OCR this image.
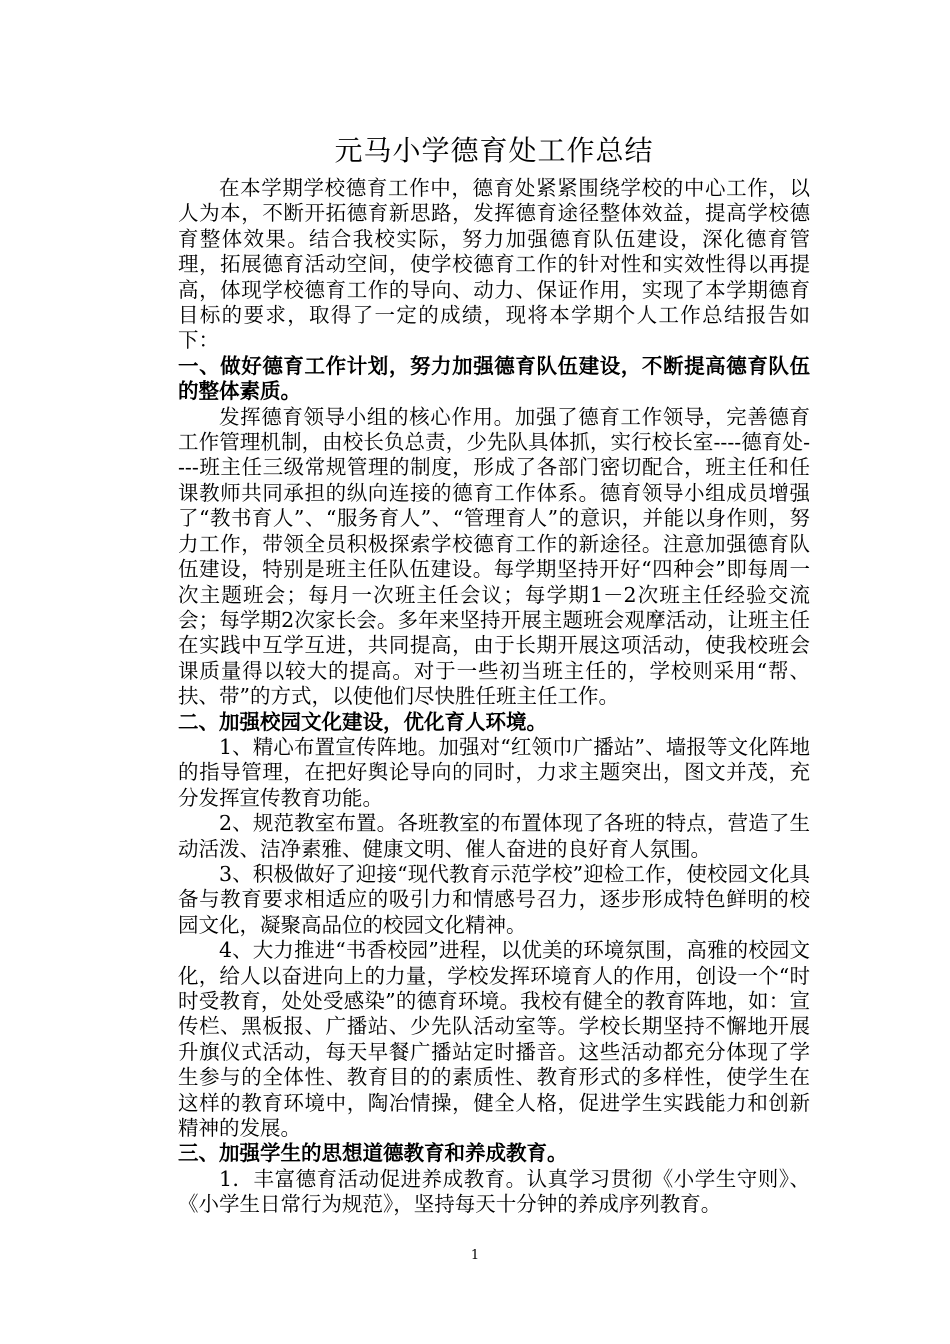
元马小学德育处工作总结

在本学期学校德育工作中，德育处紧紧围绕学校的中心工作，以人为本，不断开拓德育新思路，发挥德育途径整体效益，提高学校德育整体效果。结合我校实际，努力加强德育队伍建设，深化德育管理，拓展德育活动空间，使学校德育工作的针对性和实效性得以再提高，体现学校德育工作的导向、动力、保证作用，实现了本学期德育目标的要求，取得了一定的成绩，现将本学期个人工作总结报告如下：

一、做好德育工作计划，努力加强德育队伍建设，不断提高德育队伍的整体素质。

发挥德育领导小组的核心作用。加强了德育工作领导，完善德育工作管理机制，由校长负总责，少先队具体抓，实行校长室----德育处----班主任三级常规管理的制度，形成了各部门密切配合，班主任和任课教师共同承担的纵向连接的德育工作体系。德育领导小组成员增强了“教书育人”、“服务育人”、“管理育人”的意识，并能以身作则，努力工作，带领全员积极探索学校德育工作的新途径。注意加强德育队伍建设，特别是班主任队伍建设。每学期坚持开好“四种会”即每周一次主题班会；每月一次班主任会议；每学期1－2次班主任经验交流会；每学期2次家长会。多年来坚持开展主题班会观摩活动，让班主任在实践中互学互进，共同提高，由于长期开展这项活动，使我校班会课质量得以较大的提高。对于一些初当班主任的，学校则采用“帮、扶、带”的方式，以使他们尽快胜任班主任工作。

二、加强校园文化建设，优化育人环境。

1、精心布置宣传阵地。加强对“红领巾广播站”、墙报等文化阵地的指导管理，在把好舆论导向的同时，力求主题突出，图文并茂，充分发挥宣传教育功能。

2、规范教室布置。各班教室的布置体现了各班的特点，营造了生动活泼、洁净素雅、健康文明、催人奋进的良好育人氛围。

3、积极做好了迎接“现代教育示范学校”迎检工作，使校园文化具备与教育要求相适应的吸引力和情感号召力，逐步形成特色鲜明的校园文化，凝聚高品位的校园文化精神。

4、大力推进“书香校园”进程，以优美的环境氛围，高雅的校园文化，给人以奋进向上的力量，学校发挥环境育人的作用，创设一个“时时受教育，处处受感染”的德育环境。我校有健全的教育阵地，如：宣传栏、黑板报、广播站、少先队活动室等。学校长期坚持不懈地开展升旗仪式活动，每天早餐广播站定时播音。这些活动都充分体现了学生参与的全体性、教育目的的素质性、教育形式的多样性，使学生在这样的教育环境中，陶冶情操，健全人格，促进学生实践能力和创新精神的发展。

三、加强学生的思想道德教育和养成教育。

1．丰富德育活动促进养成教育。认真学习贯彻《小学生守则》、《小学生日常行为规范》，坚持每天十分钟的养成序列教育。

1
